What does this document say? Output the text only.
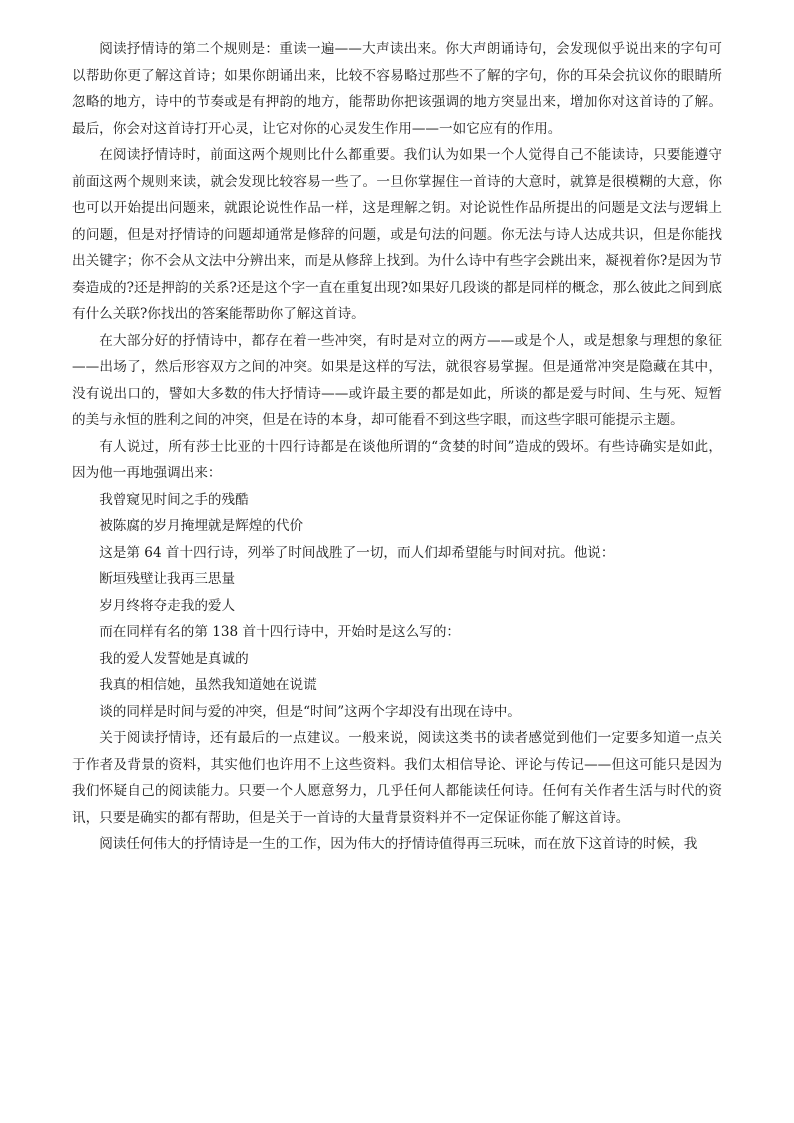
阅读抒情诗的第二个规则是：重读一遍——大声读出来。你大声朗诵诗句，会发现似乎说出来的字句可以帮助你更了解这首诗；如果你朗诵出来，比较不容易略过那些不了解的字句，你的耳朵会抗议你的眼睛所忽略的地方，诗中的节奏或是有押韵的地方，能帮助你把该强调的地方突显出来，增加你对这首诗的了解。最后，你会对这首诗打开心灵，让它对你的心灵发生作用——一如它应有的作用。

在阅读抒情诗时，前面这两个规则比什么都重要。我们认为如果一个人觉得自己不能读诗，只要能遵守前面这两个规则来读，就会发现比较容易一些了。一旦你掌握住一首诗的大意时，就算是很模糊的大意，你也可以开始提出问题来，就跟论说性作品一样，这是理解之钥。对论说性作品所提出的问题是文法与逻辑上的问题，但是对抒情诗的问题却通常是修辞的问题，或是句法的问题。你无法与诗人达成共识，但是你能找出关键字；你不会从文法中分辨出来，而是从修辞上找到。为什么诗中有些字会跳出来，凝视着你?是因为节奏造成的?还是押韵的关系?还是这个字一直在重复出现?如果好几段谈的都是同样的概念，那么彼此之间到底有什么关联?你找出的答案能帮助你了解这首诗。

在大部分好的抒情诗中，都存在着一些冲突，有时是对立的两方——或是个人，或是想象与理想的象征——出场了，然后形容双方之间的冲突。如果是这样的写法，就很容易掌握。但是通常冲突是隐藏在其中，没有说出口的，譬如大多数的伟大抒情诗——或许最主要的都是如此，所谈的都是爱与时间、生与死、短暂的美与永恒的胜利之间的冲突，但是在诗的本身，却可能看不到这些字眼，而这些字眼可能提示主题。

有人说过，所有莎士比亚的十四行诗都是在谈他所谓的“贪婪的时间”造成的毁坏。有些诗确实是如此，因为他一再地强调出来：

我曾窥见时间之手的残酷

被陈腐的岁月掩埋就是辉煌的代价

这是第 64 首十四行诗，列举了时间战胜了一切，而人们却希望能与时间对抗。他说：

断垣残壁让我再三思量

岁月终将夺走我的爱人

而在同样有名的第 138 首十四行诗中，开始时是这么写的：

我的爱人发誓她是真诚的

我真的相信她，虽然我知道她在说谎

谈的同样是时间与爱的冲突，但是“时间”这两个字却没有出现在诗中。

关于阅读抒情诗，还有最后的一点建议。一般来说，阅读这类书的读者感觉到他们一定要多知道一点关于作者及背景的资料，其实他们也许用不上这些资料。我们太相信导论、评论与传记——但这可能只是因为我们怀疑自己的阅读能力。只要一个人愿意努力，几乎任何人都能读任何诗。任何有关作者生活与时代的资讯，只要是确实的都有帮助，但是关于一首诗的大量背景资料并不一定保证你能了解这首诗。

阅读任何伟大的抒情诗是一生的工作，因为伟大的抒情诗值得再三玩味，而在放下这首诗的时候，我
